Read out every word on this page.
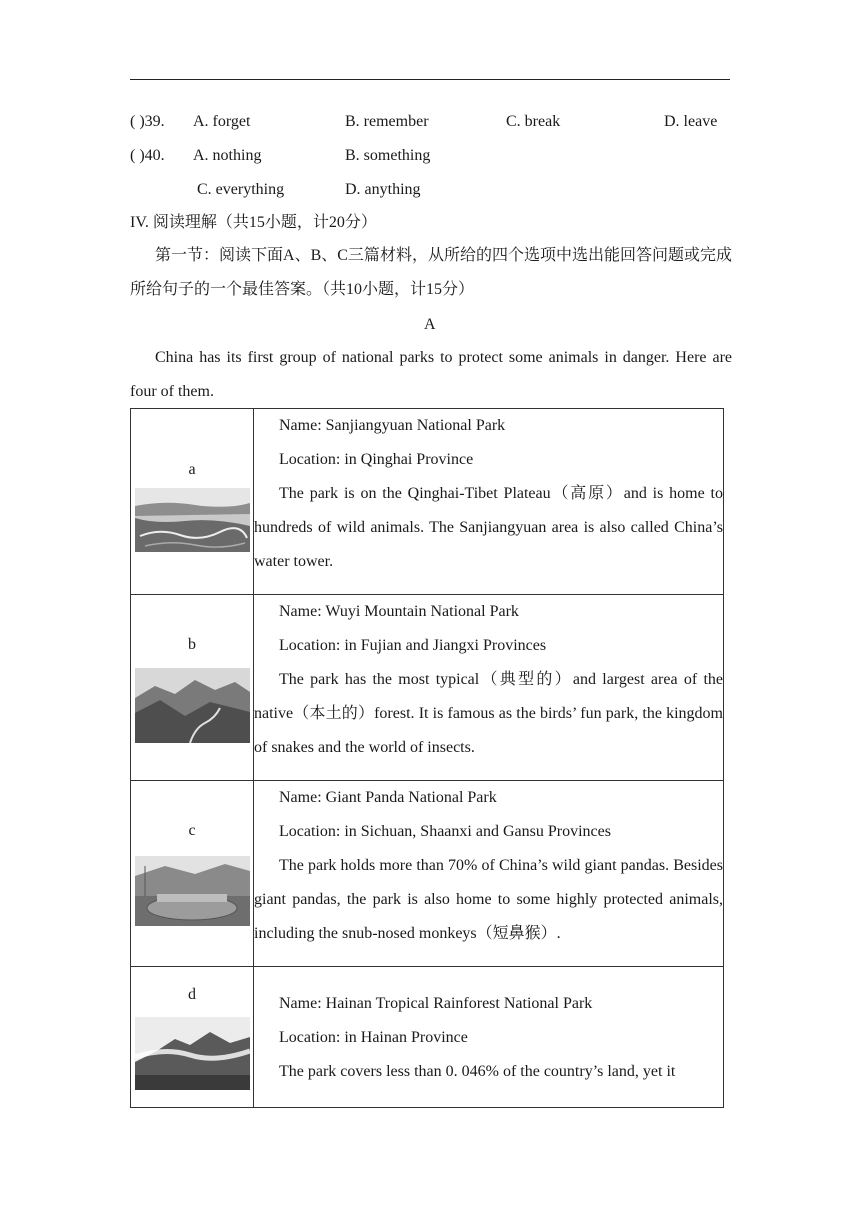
( )39. A. forget	B. remember	C. break	D. leave
( )40. A. nothing	B. something
C. everything	D. anything
IV. 阅读理解（共15小题，计20分）
第一节：阅读下面A、B、C三篇材料，从所给的四个选项中选出能回答问题或完成所给句子的一个最佳答案。（共10小题，计15分）
A
China has its first group of national parks to protect some animals in danger. Here are four of them.
a	Name: Sanjiangyuan National Park

Location: in Qinghai Province

The park is on the Qinghai-Tibet Plateau（高原）and is home to hundreds of wild animals. The Sanjiangyuan area is also called China’s water tower.

b	Name: Wuyi Mountain National Park

Location: in Fujian and Jiangxi Provinces

The park has the most typical（典型的）and largest area of the native（本土的）forest. It is famous as the birds’ fun park, the kingdom of snakes and the world of insects.

c	Name: Giant Panda National Park

Location: in Sichuan, Shaanxi and Gansu Provinces

The park holds more than 70% of China’s wild giant pandas. Besides giant pandas, the park is also home to some highly protected animals, including the snub-nosed monkeys（短鼻猴）.

d	Name: Hainan Tropical Rainforest National Park

Location: in Hainan Province

The park covers less than 0. 046% of the country’s land, yet it
